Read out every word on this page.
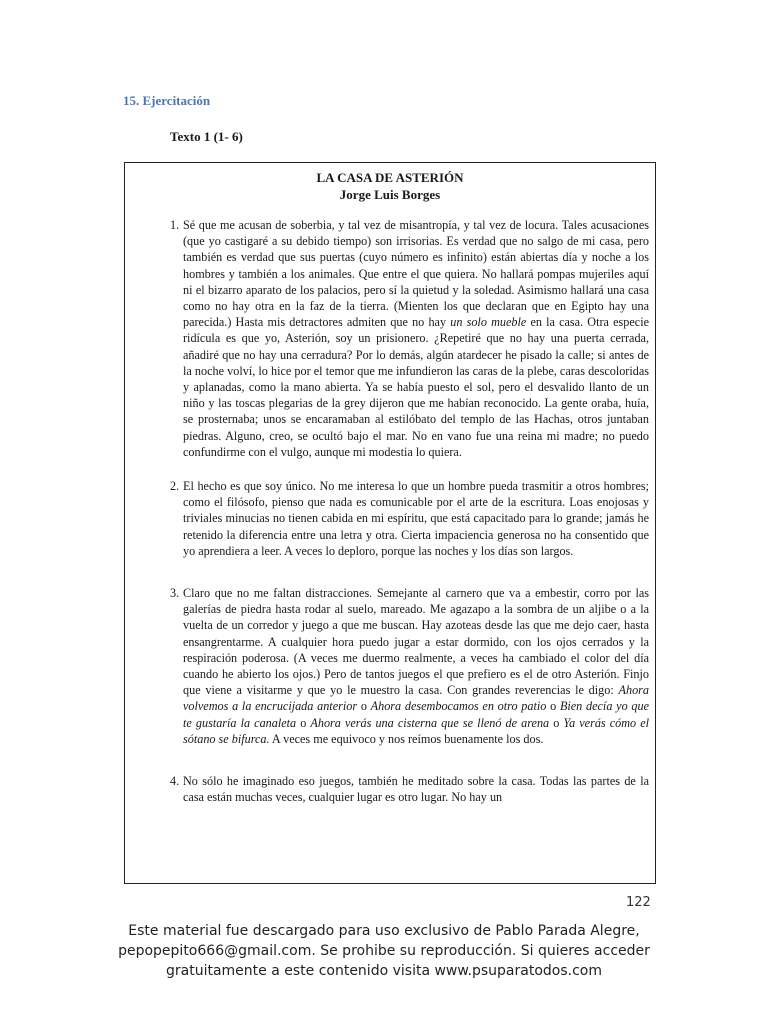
15. Ejercitación
Texto 1 (1- 6)
LA CASA DE ASTERIÓN
Jorge Luis Borges
1. Sé que me acusan de soberbia, y tal vez de misantropía, y tal vez de locura. Tales acusaciones (que yo castigaré a su debido tiempo) son irrisorias. Es verdad que no salgo de mi casa, pero también es verdad que sus puertas (cuyo número es infinito) están abiertas día y noche a los hombres y también a los animales. Que entre el que quiera. No hallará pompas mujeriles aquí ni el bizarro aparato de los palacios, pero sí la quietud y la soledad. Asimismo hallará una casa como no hay otra en la faz de la tierra. (Mienten los que declaran que en Egipto hay una parecida.) Hasta mis detractores admiten que no hay un solo mueble en la casa. Otra especie ridícula es que yo, Asterión, soy un prisionero. ¿Repetiré que no hay una puerta cerrada, añadiré que no hay una cerradura? Por lo demás, algún atardecer he pisado la calle; si antes de la noche volví, lo hice por el temor que me infundieron las caras de la plebe, caras descoloridas y aplanadas, como la mano abierta. Ya se había puesto el sol, pero el desvalido llanto de un niño y las toscas plegarias de la grey dijeron que me habían reconocido. La gente oraba, huía, se prosternaba; unos se encaramaban al estilóbato del templo de las Hachas, otros juntaban piedras. Alguno, creo, se ocultó bajo el mar. No en vano fue una reina mi madre; no puedo confundirme con el vulgo, aunque mi modestia lo quiera.
2. El hecho es que soy único. No me interesa lo que un hombre pueda trasmitir a otros hombres; como el filósofo, pienso que nada es comunicable por el arte de la escritura. Loas enojosas y triviales minucias no tienen cabida en mi espíritu, que está capacitado para lo grande; jamás he retenido la diferencia entre una letra y otra. Cierta impaciencia generosa no ha consentido que yo aprendiera a leer. A veces lo deploro, porque las noches y los días son largos.
3. Claro que no me faltan distracciones. Semejante al carnero que va a embestir, corro por las galerías de piedra hasta rodar al suelo, mareado. Me agazapo a la sombra de un aljibe o a la vuelta de un corredor y juego a que me buscan. Hay azoteas desde las que me dejo caer, hasta ensangrentarme. A cualquier hora puedo jugar a estar dormido, con los ojos cerrados y la respiración poderosa. (A veces me duermo realmente, a veces ha cambiado el color del día cuando he abierto los ojos.) Pero de tantos juegos el que prefiero es el de otro Asterión. Finjo que viene a visitarme y que yo le muestro la casa. Con grandes reverencias le digo: Ahora volvemos a la encrucijada anterior o Ahora desembocamos en otro patio o Bien decía yo que te gustaría la canaleta o Ahora verás una cisterna que se llenó de arena o Ya verás cómo el sótano se bifurca. A veces me equivoco y nos reímos buenamente los dos.
4. No sólo he imaginado eso juegos, también he meditado sobre la casa. Todas las partes de la casa están muchas veces, cualquier lugar es otro lugar. No hay un
122
Este material fue descargado para uso exclusivo de Pablo Parada Alegre,
pepopepito666@gmail.com. Se prohibe su reproducción. Si quieres acceder
gratuitamente a este contenido visita www.psuparatodos.com
